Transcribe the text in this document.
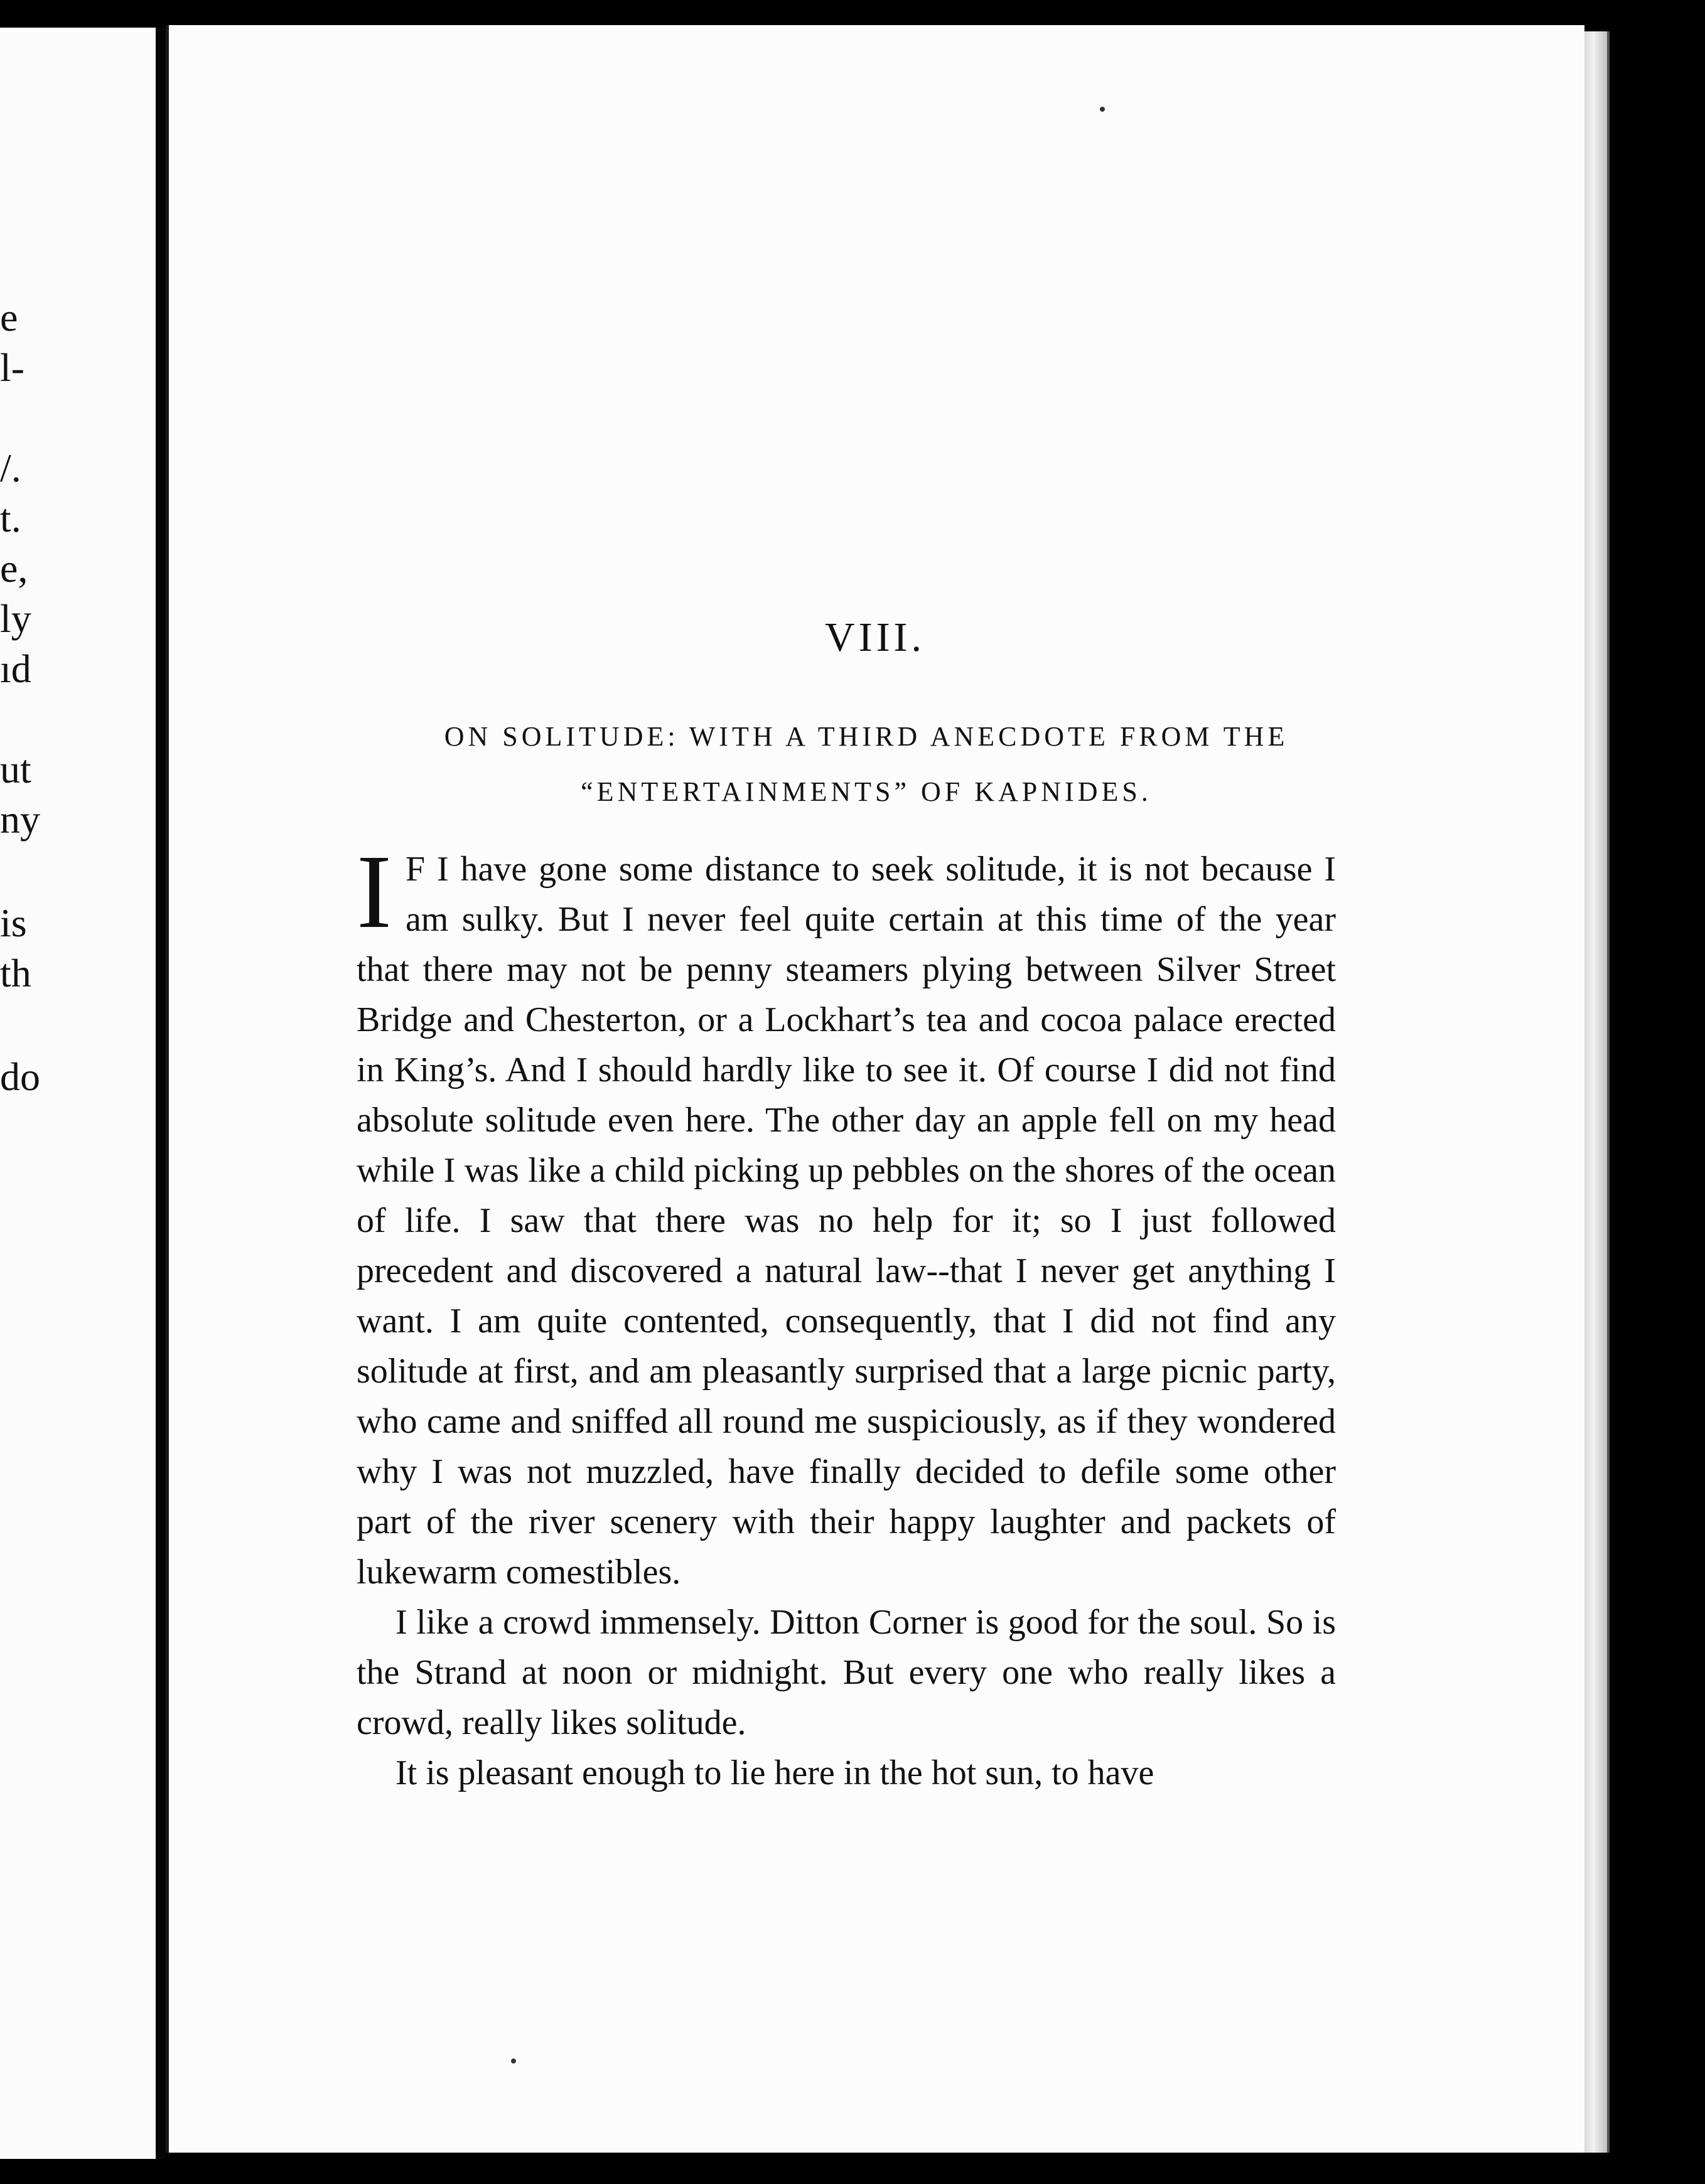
e
l-
/.
t.
e,
ly
ıd
ut
ny
is
th
do
VIII.
ON SOLITUDE: WITH A THIRD ANECDOTE FROM THE
“ENTERTAINMENTS” OF KAPNIDES.

I F I have gone some distance to seek solitude, it is not because I am sulky. But I never feel quite certain at this time of the year that there may not be penny steamers plying between Silver Street Bridge and Chesterton, or a Lockhart’s tea and cocoa palace erected in King’s. And I should hardly like to see it. Of course I did not find absolute solitude even here. The other day an apple fell on my head while I was like a child picking up pebbles on the shores of the ocean of life. I saw that there was no help for it; so I just followed precedent and discovered a natural law--that I never get anything I want. I am quite contented, consequently, that I did not find any solitude at first, and am pleasantly surprised that a large picnic party, who came and sniffed all round me suspiciously, as if they wondered why I was not muzzled, have finally decided to defile some other part of the river scenery with their happy laughter and packets of lukewarm comestibles.

I like a crowd immensely. Ditton Corner is good for the soul. So is the Strand at noon or midnight. But every one who really likes a crowd, really likes solitude.

It is pleasant enough to lie here in the hot sun, to have
